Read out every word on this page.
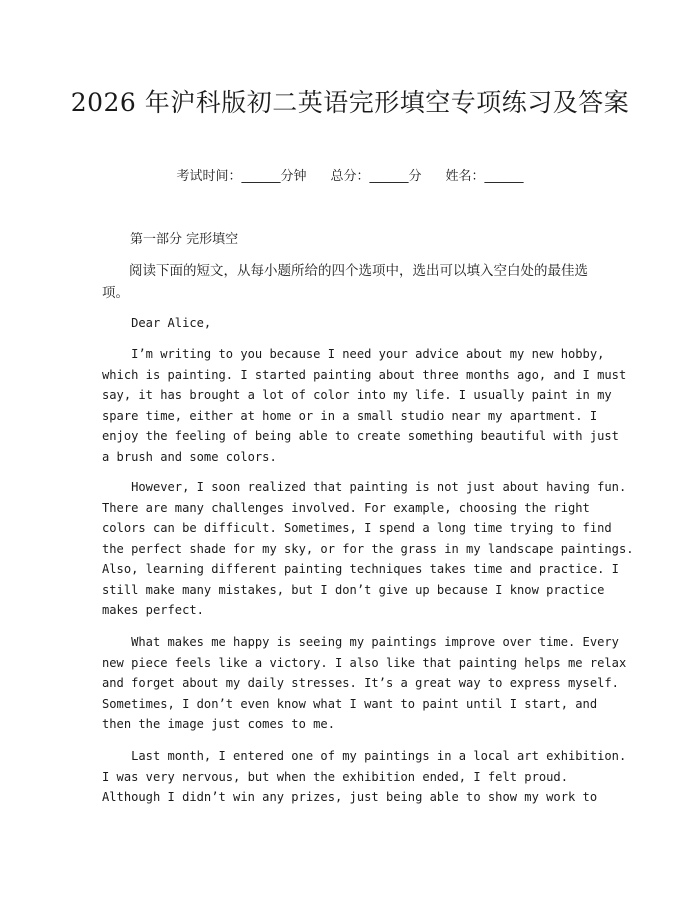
2026 年沪科版初二英语完形填空专项练习及答案
考试时间：______分钟 总分：______分 姓名：______
第一部分 完形填空
阅读下面的短文，从每小题所给的四个选项中，选出可以填入空白处的最佳选项。
Dear Alice,
I’m writing to you because I need your advice about my new hobby,
which is painting. I started painting about three months ago, and I must
say, it has brought a lot of color into my life. I usually paint in my
spare time, either at home or in a small studio near my apartment. I
enjoy the feeling of being able to create something beautiful with just
a brush and some colors.
However, I soon realized that painting is not just about having fun.
There are many challenges involved. For example, choosing the right
colors can be difficult. Sometimes, I spend a long time trying to find
the perfect shade for my sky, or for the grass in my landscape paintings.
Also, learning different painting techniques takes time and practice. I
still make many mistakes, but I don’t give up because I know practice
makes perfect.
What makes me happy is seeing my paintings improve over time. Every
new piece feels like a victory. I also like that painting helps me relax
and forget about my daily stresses. It’s a great way to express myself.
Sometimes, I don’t even know what I want to paint until I start, and
then the image just comes to me.
Last month, I entered one of my paintings in a local art exhibition.
I was very nervous, but when the exhibition ended, I felt proud.
Although I didn’t win any prizes, just being able to show my work to
